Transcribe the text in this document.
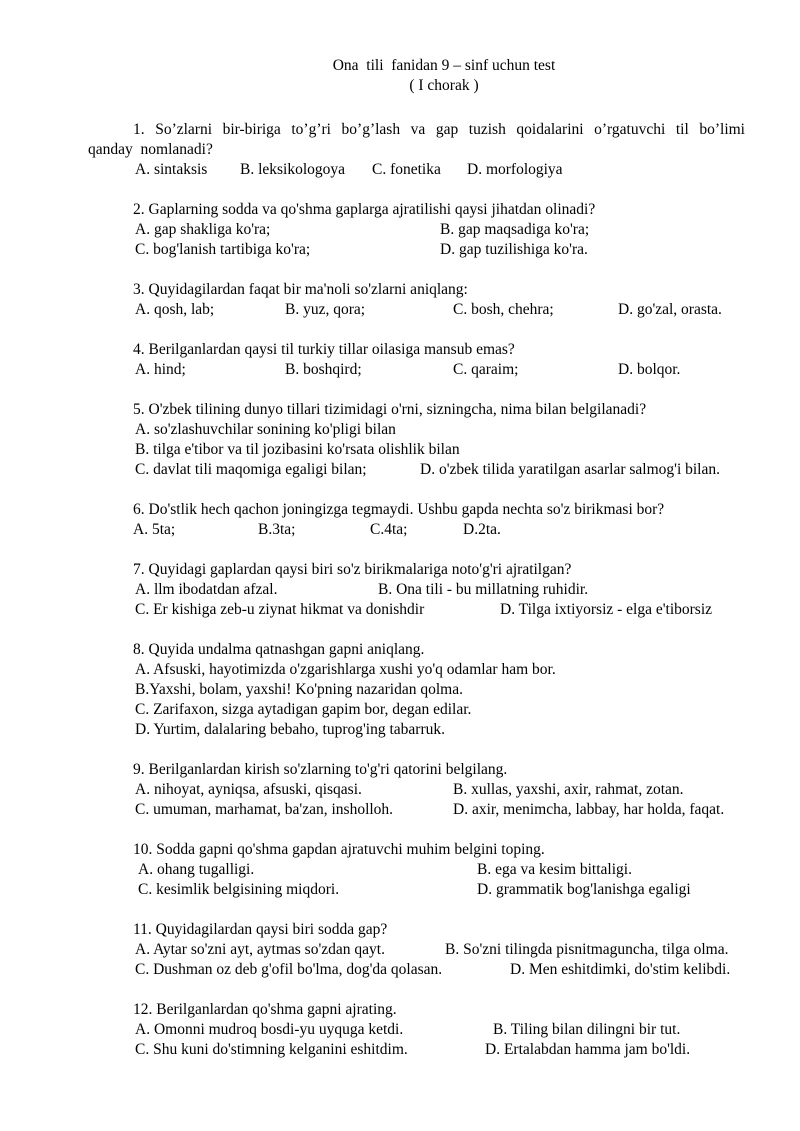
Ona  tili  fanidan 9 – sinf uchun test
( I chorak )
1. So’zlarni bir-biriga to’g’ri bo’g’lash va gap tuzish qoidalarini o’rgatuvchi til bo’limi
qanday  nomlanadi?
A. sintaksis B. leksikologoya C. fonetika D. morfologiya
2. Gaplarning sodda va qo'shma gaplarga ajratilishi qaysi jihatdan olinadi?
A. gap shakliga ko'ra;	B. gap maqsadiga ko'ra;
C. bog'lanish tartibiga ko'ra;	D. gap tuzilishiga ko'ra.
3. Quyidagilardan faqat bir ma'noli so'zlarni aniqlang:
A. qosh, lab;	B. yuz, qora;	C. bosh, chehra;	D. go'zal, orasta.
4. Berilganlardan qaysi til turkiy tillar oilasiga mansub emas?
A. hind;	B. boshqird;	C. qaraim;	D. bolqor.
5. O'zbek tilining dunyo tillari tizimidagi o'rni, sizningcha, nima bilan belgilanadi?
A. so'zlashuvchilar sonining ko'pligi bilan
B. tilga e'tibor va til jozibasini ko'rsata olishlik bilan
C. davlat tili maqomiga egaligi bilan;	D. o'zbek tilida yaratilgan asarlar salmog'i bilan.
6. Do'stlik hech qachon joningizga tegmaydi. Ushbu gapda nechta so'z birikmasi bor?
A. 5ta;	B.3ta;	C.4ta;	D.2ta.
7. Quyidagi gaplardan qaysi biri so'z birikmalariga noto'g'ri ajratilgan?
A. llm ibodatdan afzal.	B. Ona tili - bu millatning ruhidir.
C. Er kishiga zeb-u ziynat hikmat va donishdir	D. Tilga ixtiyorsiz - elga e'tiborsiz
8. Quyida undalma qatnashgan gapni aniqlang.
A. Afsuski, hayotimizda o'zgarishlarga xushi yo'q odamlar ham bor.
B.Yaxshi, bolam, yaxshi! Ko'pning nazaridan qolma.
C. Zarifaxon, sizga aytadigan gapim bor, degan edilar.
D. Yurtim, dalalaring bebaho, tuprog'ing tabarruk.
9. Berilganlardan kirish so'zlarning to'g'ri qatorini belgilang.
A. nihoyat, ayniqsa, afsuski, qisqasi.	B. xullas, yaxshi, axir, rahmat, zotan.
C. umuman, marhamat, ba'zan, insholloh.	D. axir, menimcha, labbay, har holda, faqat.
10. Sodda gapni qo'shma gapdan ajratuvchi muhim belgini toping.
A. ohang tugalligi.	B. ega va kesim bittaligi.
C. kesimlik belgisining miqdori.	D. grammatik bog'lanishga egaligi
11. Quyidagilardan qaysi biri sodda gap?
A. Aytar so'zni ayt, aytmas so'zdan qayt.	B. So'zni tilingda pisnitmaguncha, tilga olma.
C. Dushman oz deb g'ofil bo'lma, dog'da qolasan.	D. Men eshitdimki, do'stim kelibdi.
12. Berilganlardan qo'shma gapni ajrating.
A. Omonni mudroq bosdi-yu uyquga ketdi.	B. Tiling bilan dilingni bir tut.
C. Shu kuni do'stimning kelganini eshitdim.	D. Ertalabdan hamma jam bo'ldi.
